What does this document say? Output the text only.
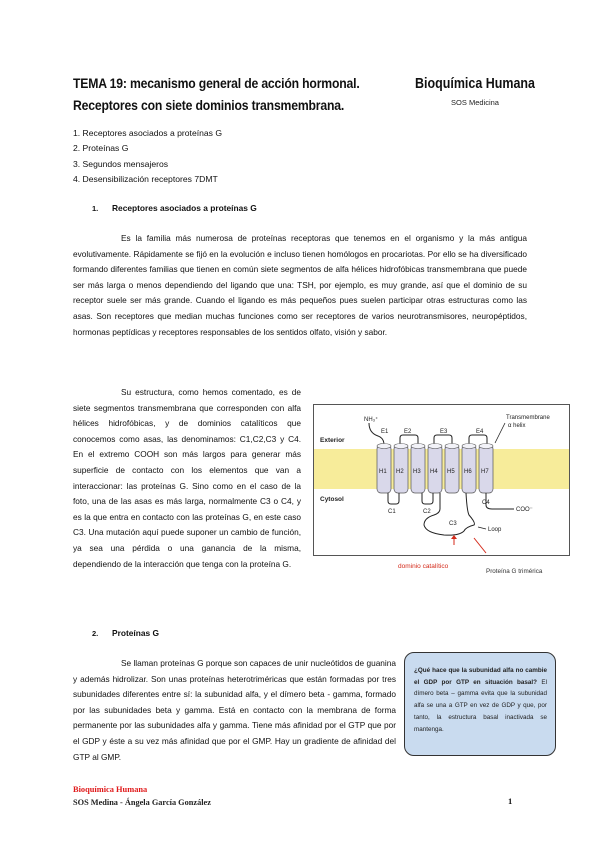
TEMA 19: mecanismo general de acción hormonal.
Receptores con siete dominios transmembrana.
Bioquímica Humana
SOS Medicina
1. Receptores asociados a proteínas G
2. Proteínas G
3. Segundos mensajeros
4. Desensibilización receptores 7DMT
1. Receptores asociados a proteínas G

Es la familia más numerosa de proteínas receptoras que tenemos en el organismo y la más antigua evolutivamente. Rápidamente se fijó en la evolución e incluso tienen homólogos en procariotas. Por ello se ha diversificado formando diferentes familias que tienen en común siete segmentos de alfa hélices hidrofóbicas transmembrana que puede ser más larga o menos dependiendo del ligando que una: TSH, por ejemplo, es muy grande, así que el dominio de su receptor suele ser más grande. Cuando el ligando es más pequeños pues suelen participar otras estructuras como las asas. Son receptores que median muchas funciones como ser receptores de varios neurotransmisores, neuropéptidos, hormonas peptídicas y receptores responsables de los sentidos olfato, visión y sabor.

Su estructura, como hemos comentado, es de siete segmentos transmembrana que corresponden con alfa hélices hidrofóbicas, y de dominios catalíticos que conocemos como asas, las denominamos: C1,C2,C3 y C4. En el extremo COOH son más largos para generar más superficie de contacto con los elementos que van a interaccionar: las proteínas G. Sino como en el caso de la foto, una de las asas es más larga, normalmente C3 o C4, y es la que entra en contacto con las proteínas G, en este caso C3. Una mutación aquí puede suponer un cambio de función, ya sea una pérdida o una ganancia de la misma, dependiendo de la interacción que tenga con la proteína G.

Exterior
Cytosol
NH₃⁺
E1	E2	E3	E4
Transmembrane
α helix
H1 H2 H3 H4 H5 H6 H7
C1	C2
C3
C4
COO⁻
Loop
dominio catalítico
Proteína G trimérica
2. Proteínas G

Se llaman proteínas G porque son capaces de unir nucleótidos de guanina y además hidrolizar. Son unas proteínas heterotriméricas que están formadas por tres subunidades diferentes entre sí: la subunidad alfa, y el dímero beta - gamma, formado por las subunidades beta y gamma. Está en contacto con la membrana de forma permanente por las subunidades alfa y gamma. Tiene más afinidad por el GTP que por el GDP y éste a su vez más afinidad que por el GMP. Hay un gradiente de afinidad del GTP al GMP.

¿Qué hace que la subunidad alfa no cambie el GDP por GTP en situación basal? El dímero beta – gamma evita que la subunidad alfa se una a GTP en vez de GDP y que, por tanto, la estructura basal inactivada se mantenga.
Bioquímica Humana
SOS Medina - Ángela García González	1
